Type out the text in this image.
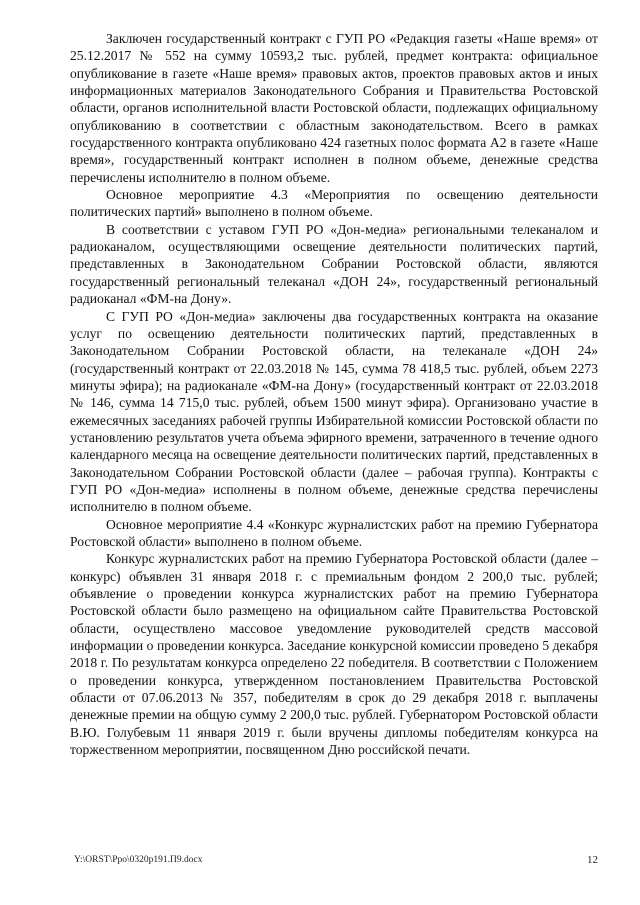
Заключен государственный контракт с ГУП РО «Редакция газеты «Наше время» от 25.12.2017 № 552 на сумму 10593,2 тыс. рублей, предмет контракта: официальное опубликование в газете «Наше время» правовых актов, проектов правовых актов и иных информационных материалов Законодательного Собрания и Правительства Ростовской области, органов исполнительной власти Ростовской области, подлежащих официальному опубликованию в соответствии с областным законодательством. Всего в рамках государственного контракта опубликовано 424 газетных полос формата А2 в газете «Наше время», государственный контракт исполнен в полном объеме, денежные средства перечислены исполнителю в полном объеме.

Основное мероприятие 4.3 «Мероприятия по освещению деятельности политических партий» выполнено в полном объеме.

В соответствии с уставом ГУП РО «Дон-медиа» региональными телеканалом и радиоканалом, осуществляющими освещение деятельности политических партий, представленных в Законодательном Собрании Ростовской области, являются государственный региональный телеканал «ДОН 24», государственный региональный радиоканал «ФМ-на Дону».

С ГУП РО «Дон-медиа» заключены два государственных контракта на оказание услуг по освещению деятельности политических партий, представленных в Законодательном Собрании Ростовской области, на телеканале «ДОН 24» (государственный контракт от 22.03.2018 № 145, сумма 78 418,5 тыс. рублей, объем 2273 минуты эфира); на радиоканале «ФМ-на Дону» (государственный контракт от 22.03.2018 № 146, сумма 14 715,0 тыс. рублей, объем 1500 минут эфира). Организовано участие в ежемесячных заседаниях рабочей группы Избирательной комиссии Ростовской области по установлению результатов учета объема эфирного времени, затраченного в течение одного календарного месяца на освещение деятельности политических партий, представленных в Законодательном Собрании Ростовской области (далее – рабочая группа). Контракты с ГУП РО «Дон-медиа» исполнены в полном объеме, денежные средства перечислены исполнителю в полном объеме.

Основное мероприятие 4.4 «Конкурс журналистских работ на премию Губернатора Ростовской области» выполнено в полном объеме.

Конкурс журналистских работ на премию Губернатора Ростовской области (далее – конкурс) объявлен 31 января 2018 г. с премиальным фондом 2 200,0 тыс. рублей; объявление о проведении конкурса журналистских работ на премию Губернатора Ростовской области было размещено на официальном сайте Правительства Ростовской области, осуществлено массовое уведомление руководителей средств массовой информации о проведении конкурса. Заседание конкурсной комиссии проведено 5 декабря 2018 г. По результатам конкурса определено 22 победителя. В соответствии с Положением о проведении конкурса, утвержденном постановлением Правительства Ростовской области от 07.06.2013 № 357, победителям в срок до 29 декабря 2018 г. выплачены денежные премии на общую сумму 2 200,0 тыс. рублей. Губернатором Ростовской области В.Ю. Голубевым 11 января 2019 г. были вручены дипломы победителям конкурса на торжественном мероприятии, посвященном Дню российской печати.

Y:\ORST\Ppo\0320p191.П9.docx	12
